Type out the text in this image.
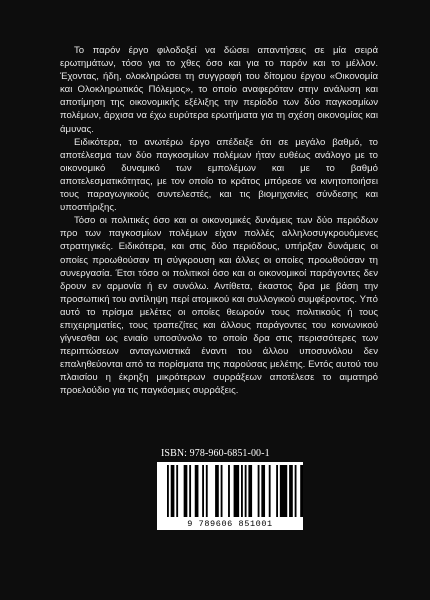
Το παρόν έργο φιλοδοξεί να δώσει απαντήσεις σε μία σειρά ερωτημάτων, τόσο για το χθες όσο και για το παρόν και το μέλλον. Έχοντας, ήδη, ολοκληρώσει τη συγγραφή του δίτομου έργου «Οικονομία και Ολοκληρωτικός Πόλεμος», το οποίο αναφερόταν στην ανάλυση και αποτίμηση της οικονομικής εξέλιξης την περίοδο των δύο παγκοσμίων πολέμων, άρχισα να έχω ευρύτερα ερωτήματα για τη σχέση οικονομίας και άμυνας.

Ειδικότερα, το ανωτέρω έργο απέδειξε ότι σε μεγάλο βαθμό, το αποτέλεσμα των δύο παγκοσμίων πολέμων ήταν ευθέως ανάλογο με το οικονομικό δυναμικό των εμπολέμων και με το βαθμό αποτελεσματικότητας, με τον οποίο το κράτος μπόρεσε να κινητοποιήσει τους παραγωγικούς συντελεστές, και τις βιομηχανίες σύνδεσης και υποστήριξης.

Τόσο οι πολιτικές όσο και οι οικονομικές δυνάμεις των δύο περιόδων προ των παγκοσμίων πολέμων είχαν πολλές αλληλοσυγκρουόμενες στρατηγικές. Ειδικότερα, και στις δύο περιόδους, υπήρξαν δυνάμεις οι οποίες προωθούσαν τη σύγκρουση και άλλες οι οποίες προωθούσαν τη συνεργασία. Έτσι τόσο οι πολιτικοί όσο και οι οικονομικοί παράγοντες δεν δρουν εν αρμονία ή εν συνόλω. Αντίθετα, έκαστος δρα με βάση την προσωπική του αντίληψη περί ατομικού και συλλογικού συμφέροντος. Υπό αυτό το πρίσμα μελέτες οι οποίες θεωρούν τους πολιτικούς ή τους επιχειρηματίες, τους τραπεζίτες και άλλους παράγοντες του κοινωνικού γίγνεσθαι ως ενιαίο υποσύνολο το οποίο δρα στις περισσότερες των περιπτώσεων ανταγωνιστικά έναντι του άλλου υποσυνόλου δεν επαληθεύονται από τα πορίσματα της παρούσας μελέτης. Εντός αυτού του πλαισίου η έκρηξη μικρότερων συρράξεων αποτέλεσε το αιματηρό προελούδιο για τις παγκόσμιες συρράξεις.

ISBN: 978-960-6851-00-1
9 789606 851001
